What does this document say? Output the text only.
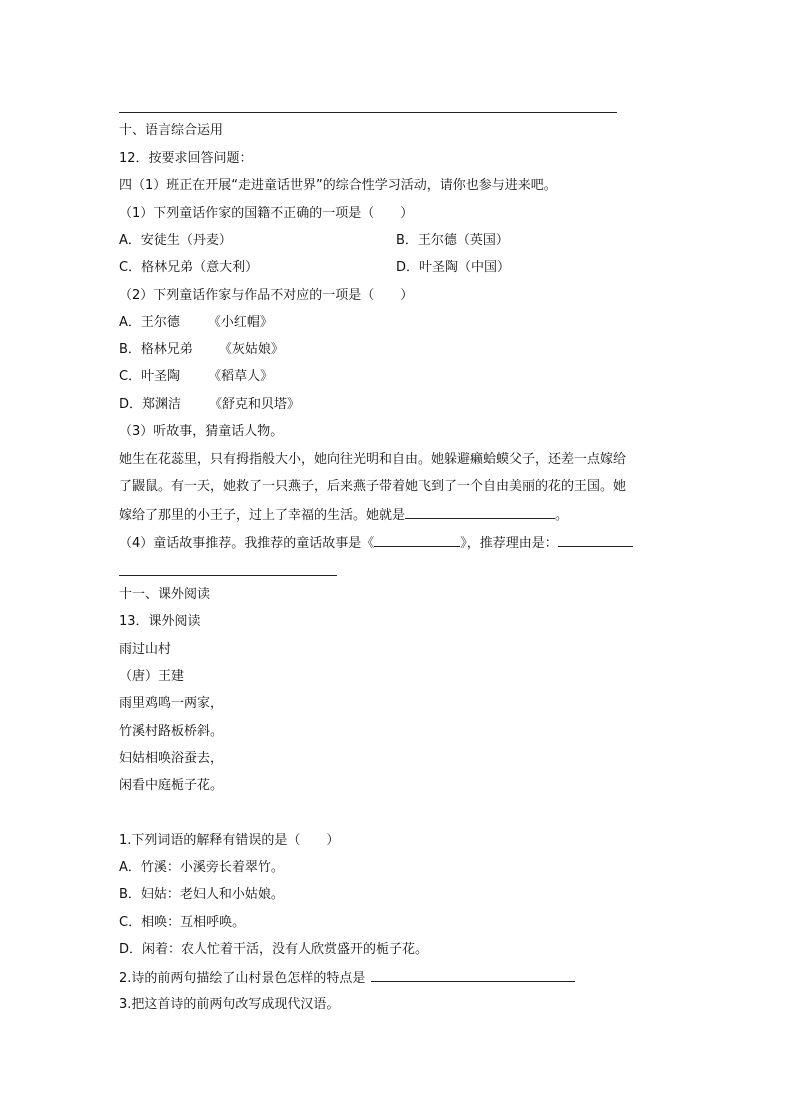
十、语言综合运用
12．按要求回答问题：
四（1）班正在开展“走进童话世界”的综合性学习活动，请你也参与进来吧。
（1）下列童话作家的国籍不正确的一项是（　　）
A．安徒生（丹麦）	B．王尔德（英国）
C．格林兄弟（意大利）	D．叶圣陶（中国）
（2）下列童话作家与作品不对应的一项是（　　）
A．王尔德 《小红帽》
B．格林兄弟 《灰姑娘》
C．叶圣陶 《稻草人》
D．郑渊洁 《舒克和贝塔》
（3）听故事，猜童话人物。
她生在花蕊里，只有拇指般大小，她向往光明和自由。她躲避癞蛤蟆父子，还差一点嫁给
了鼹鼠。有一天，她救了一只燕子，后来燕子带着她飞到了一个自由美丽的花的王国。她
嫁给了那里的小王子，过上了幸福的生活。她就是	。
（4）童话故事推荐。我推荐的童话故事是《	》，推荐理由是：
十一、课外阅读
13．课外阅读
雨过山村
（唐）王建
雨里鸡鸣一两家，
竹溪村路板桥斜。
妇姑相唤浴蚕去，
闲看中庭栀子花。
1.下列词语的解释有错误的是（　　）
A．竹溪：小溪旁长着翠竹。
B．妇姑：老妇人和小姑娘。
C．相唤：互相呼唤。
D．闲着：农人忙着干活，没有人欣赏盛开的栀子花。
2.诗的前两句描绘了山村景色怎样的特点是
3.把这首诗的前两句改写成现代汉语。
